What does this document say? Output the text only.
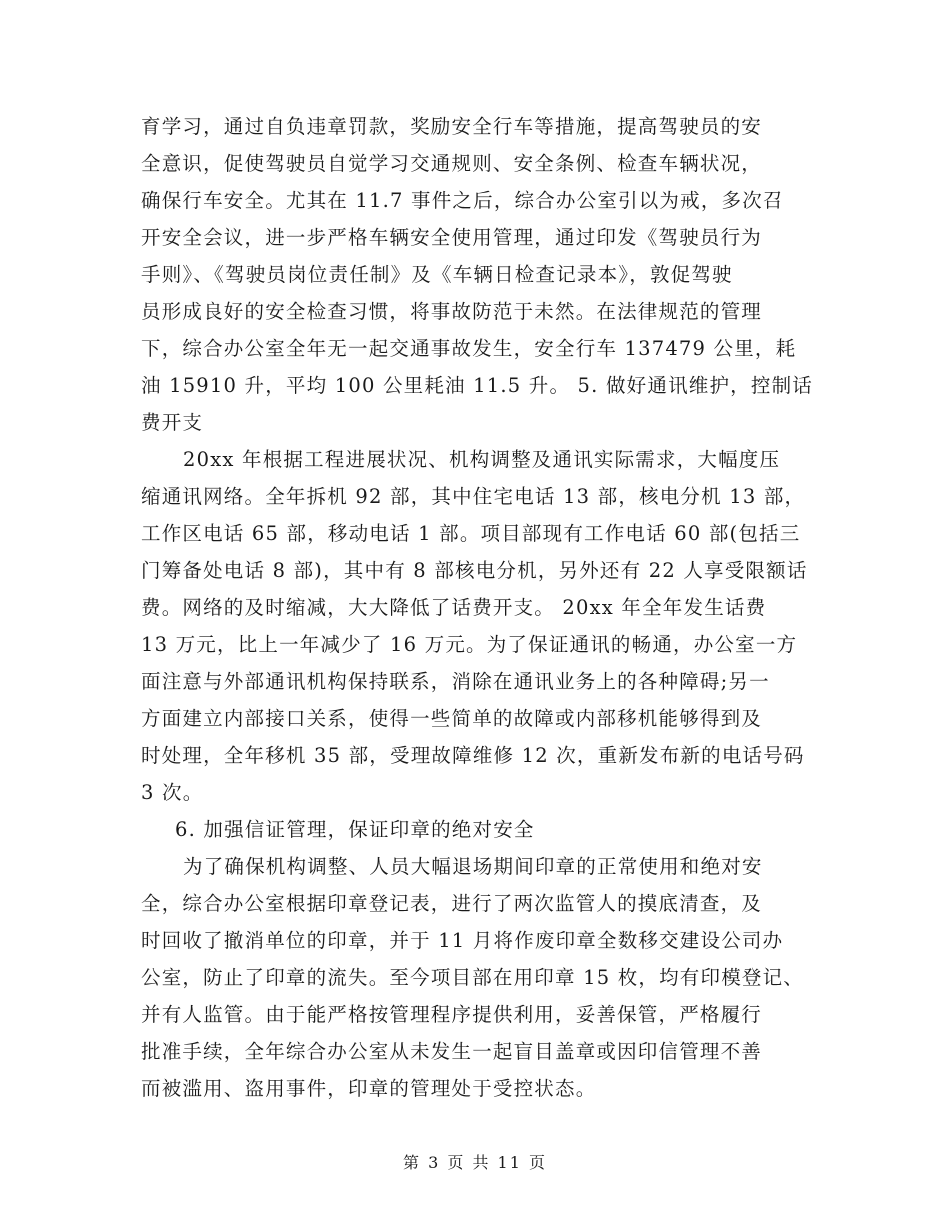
育学习，通过自负违章罚款，奖励安全行车等措施，提高驾驶员的安
全意识，促使驾驶员自觉学习交通规则、安全条例、检查车辆状况，
确保行车安全。尤其在 11.7 事件之后，综合办公室引以为戒，多次召
开安全会议，进一步严格车辆安全使用管理，通过印发《驾驶员行为
手则》、《驾驶员岗位责任制》及《车辆日检查记录本》，敦促驾驶
员形成良好的安全检查习惯，将事故防范于未然。在法律规范的管理
下，综合办公室全年无一起交通事故发生，安全行车 137479 公里，耗
油 15910 升，平均 100 公里耗油 11.5 升。 5. 做好通讯维护，控制话
费开支
20xx 年根据工程进展状况、机构调整及通讯实际需求，大幅度压
缩通讯网络。全年拆机 92 部，其中住宅电话 13 部，核电分机 13 部，
工作区电话 65 部，移动电话 1 部。项目部现有工作电话 60 部(包括三
门筹备处电话 8 部)，其中有 8 部核电分机，另外还有 22 人享受限额话
费。网络的及时缩减，大大降低了话费开支。 20xx 年全年发生话费
13 万元，比上一年减少了 16 万元。为了保证通讯的畅通，办公室一方
面注意与外部通讯机构保持联系，消除在通讯业务上的各种障碍;另一
方面建立内部接口关系，使得一些简单的故障或内部移机能够得到及
时处理，全年移机 35 部，受理故障维修 12 次，重新发布新的电话号码
3 次。
6. 加强信证管理，保证印章的绝对安全
为了确保机构调整、人员大幅退场期间印章的正常使用和绝对安
全，综合办公室根据印章登记表，进行了两次监管人的摸底清查，及
时回收了撤消单位的印章，并于 11 月将作废印章全数移交建设公司办
公室，防止了印章的流失。至今项目部在用印章 15 枚，均有印模登记、
并有人监管。由于能严格按管理程序提供利用，妥善保管，严格履行
批准手续，全年综合办公室从未发生一起盲目盖章或因印信管理不善
而被滥用、盗用事件，印章的管理处于受控状态。
第 3 页 共 11 页
